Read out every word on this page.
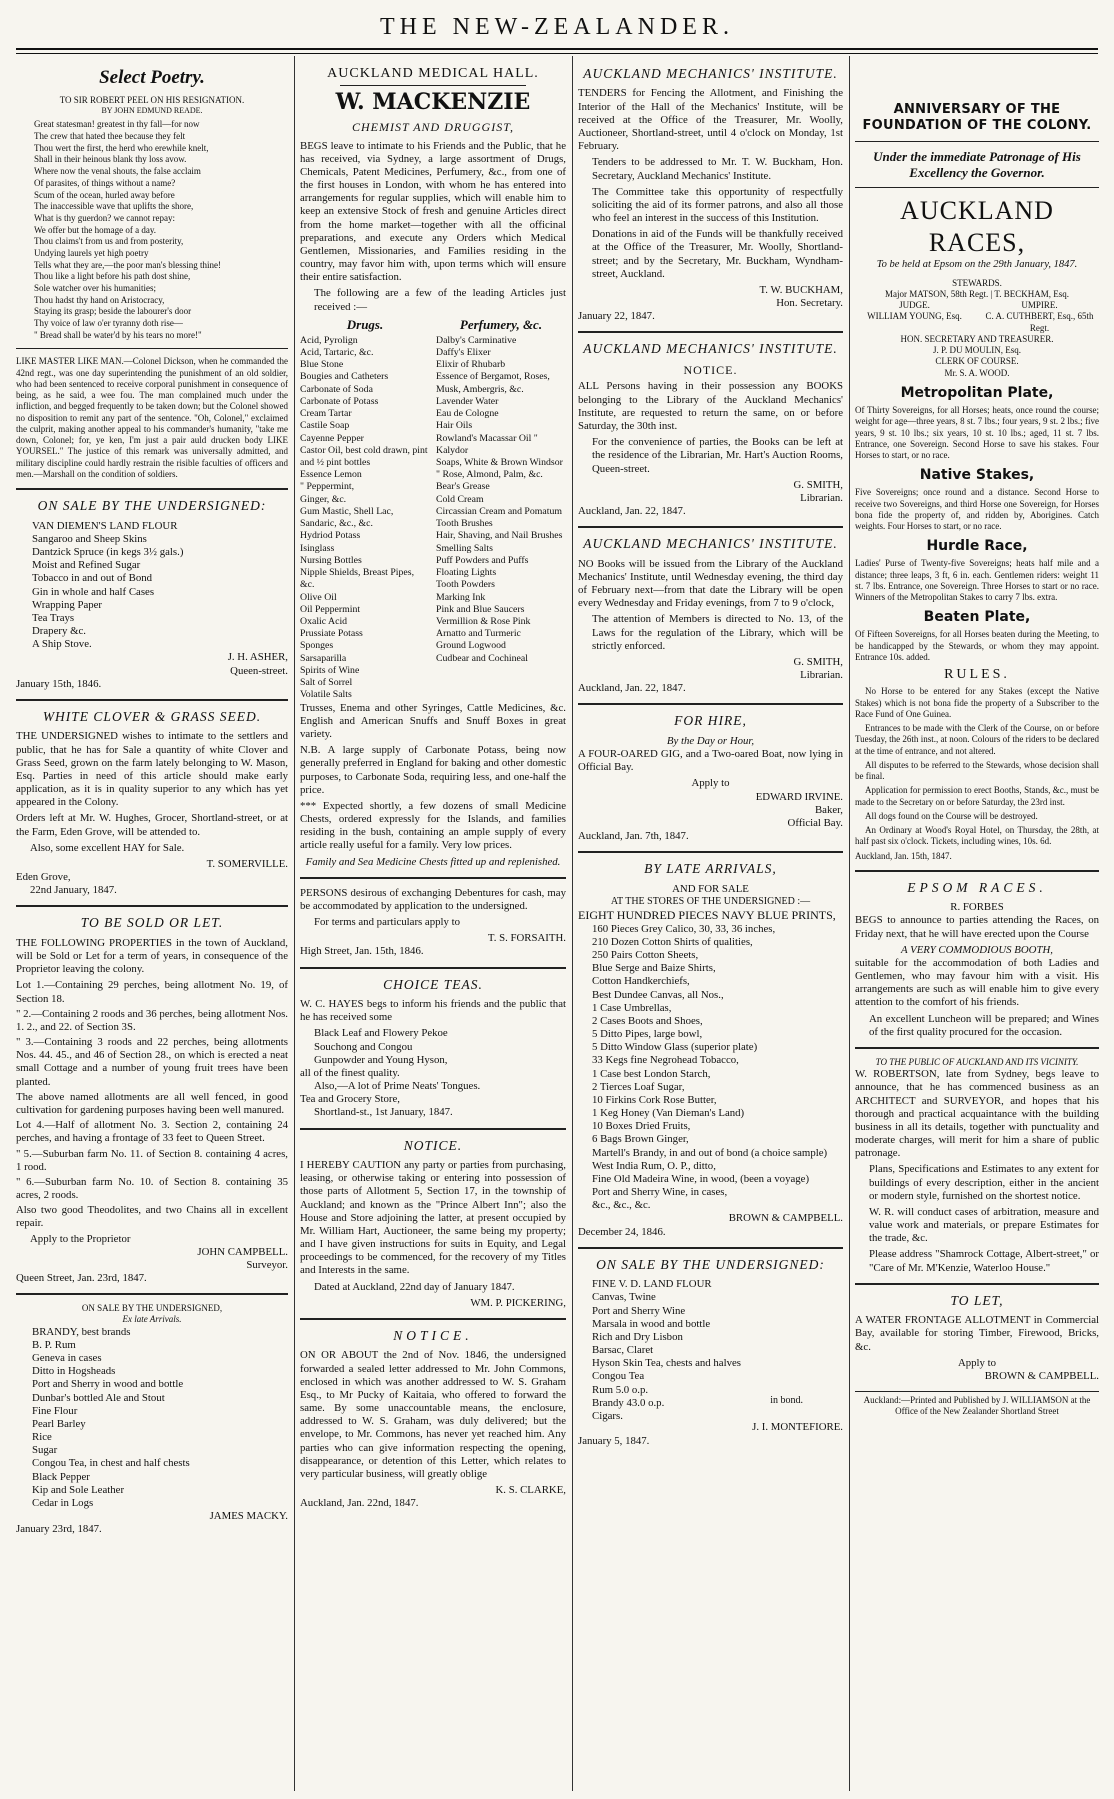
THE NEW-ZEALANDER.
Select Poetry.
TO SIR ROBERT PEEL ON HIS RESIGNATION.
BY JOHN EDMUND READE.
Great statesman! greatest in thy fall—for now
The crew that hated thee because they felt
Thou wert the first, the herd who erewhile knelt,
Shall in their heinous blank thy loss avow.
Where now the venal shouts, the false acclaim
Of parasites, of things without a name?
Scum of the ocean, hurled away before
The inaccessible wave that uplifts the shore,
What is thy guerdon? we cannot repay:
We offer but the homage of a day.
Thou claims't from us and from posterity,
Undying laurels yet high poetry
Tells what they are,—the poor man's blessing thine!
Thou like a light before his path dost shine,
Sole watcher over his humanities;
Thou hadst thy hand on Aristocracy,
Staying its grasp; beside the labourer's door
Thy voice of law o'er tyranny doth rise—
" Bread shall be water'd by his tears no more!"

LIKE MASTER LIKE MAN.—Colonel Dickson, when he commanded the 42nd regt., was one day superintending the punishment of an old soldier, who had been sentenced to receive corporal punishment in consequence of being, as he said, a wee fou. The man complained much under the infliction, and begged frequently to be taken down; but the Colonel showed no disposition to remit any part of the sentence. "Oh, Colonel," exclaimed the culprit, making another appeal to his commander's humanity, "take me down, Colonel; for, ye ken, I'm just a pair auld drucken body LIKE YOURSEL." The justice of this remark was universally admitted, and military discipline could hardly restrain the risible faculties of officers and men.—Marshall on the condition of soldiers.

ON SALE BY THE UNDERSIGNED:
VAN DIEMEN'S LAND FLOUR
Sangaroo and Sheep Skins
Dantzick Spruce (in kegs 3½ gals.)
Moist and Refined Sugar
Tobacco in and out of Bond
Gin in whole and half Cases
Wrapping Paper
Tea Trays
Drapery &c.
A Ship Stove.
J. H. ASHER,
Queen-street.
January 15th, 1846.
WHITE CLOVER & GRASS SEED.

THE UNDERSIGNED wishes to intimate to the settlers and public, that he has for Sale a quantity of white Clover and Grass Seed, grown on the farm lately belonging to W. Mason, Esq. Parties in need of this article should make early application, as it is in quality superior to any which has yet appeared in the Colony.

Orders left at Mr. W. Hughes, Grocer, Shortland-street, or at the Farm, Eden Grove, will be attended to.

Also, some excellent HAY for Sale.

T. SOMERVILLE.
Eden Grove,
22nd January, 1847.
TO BE SOLD OR LET.

THE FOLLOWING PROPERTIES in the town of Auckland, will be Sold or Let for a term of years, in consequence of the Proprietor leaving the colony.

Lot 1.—Containing 29 perches, being allotment No. 19, of Section 18.
" 2.—Containing 2 roods and 36 perches, being allotment Nos. 1. 2., and 22. of Section 3S.
" 3.—Containing 3 roods and 22 perches, being allotments Nos. 44. 45., and 46 of Section 28., on which is erected a neat small Cottage and a number of young fruit trees have been planted.
The above named allotments are all well fenced, in good cultivation for gardening purposes having been well manured.
Lot 4.—Half of allotment No. 3. Section 2, containing 24 perches, and having a frontage of 33 feet to Queen Street.
" 5.—Suburban farm No. 11. of Section 8. containing 4 acres, 1 rood.
" 6.—Suburban farm No. 10. of Section 8. containing 35 acres, 2 roods.
Also two good Theodolites, and two Chains all in excellent repair.
Apply to the Proprietor
JOHN CAMPBELL.
Surveyor.
Queen Street, Jan. 23rd, 1847.
ON SALE BY THE UNDERSIGNED,
Ex late Arrivals.
BRANDY, best brands
B. P. Rum
Geneva in cases
Ditto in Hogsheads
Port and Sherry in wood and bottle
Dunbar's bottled Ale and Stout
Fine Flour
Pearl Barley
Rice
Sugar
Congou Tea, in chest and half chests
Black Pepper
Kip and Sole Leather
Cedar in Logs
JAMES MACKY.
January 23rd, 1847.
AUCKLAND MEDICAL HALL.
W. MACKENZIE
CHEMIST AND DRUGGIST,

BEGS leave to intimate to his Friends and the Public, that he has received, via Sydney, a large assortment of Drugs, Chemicals, Patent Medicines, Perfumery, &c., from one of the first houses in London, with whom he has entered into arrangements for regular supplies, which will enable him to keep an extensive Stock of fresh and genuine Articles direct from the home market—together with all the officinal preparations, and execute any Orders which Medical Gentlemen, Missionaries, and Families residing in the country, may favor him with, upon terms which will ensure their entire satisfaction.

The following are a few of the leading Articles just received :—

Drugs.
Acid, Pyrolign
Acid, Tartaric, &c.
Blue Stone
Bougies and Catheters
Carbonate of Soda
Carbonate of Potass
Cream Tartar
Castile Soap
Cayenne Pepper
Castor Oil, best cold drawn, pint and ½ pint bottles
Essence Lemon
" Peppermint,
Ginger, &c.
Gum Mastic, Shell Lac, Sandaric, &c., &c.
Hydriod Potass
Isinglass
Nursing Bottles
Nipple Shields, Breast Pipes, &c.
Olive Oil
Oil Peppermint
Oxalic Acid
Prussiate Potass
Sponges
Sarsaparilla
Spirits of Wine
Salt of Sorrel
Volatile Salts
Perfumery, &c.
Dalby's Carminative
Daffy's Elixer
Elixir of Rhubarb
Essence of Bergamot, Roses, Musk, Ambergris, &c.
Lavender Water
Eau de Cologne
Hair Oils
Rowland's Macassar Oil " Kalydor
Soaps, White & Brown Windsor
" Rose, Almond, Palm, &c.
Bear's Grease
Cold Cream
Circassian Cream and Pomatum
Tooth Brushes
Hair, Shaving, and Nail Brushes
Smelling Salts
Puff Powders and Puffs
Floating Lights
Tooth Powders
Marking Ink
Pink and Blue Saucers
Vermillion & Rose Pink
Arnatto and Turmeric
Ground Logwood
Cudbear and Cochineal

Trusses, Enema and other Syringes, Cattle Medicines, &c. English and American Snuffs and Snuff Boxes in great variety.

N.B. A large supply of Carbonate Potass, being now generally preferred in England for baking and other domestic purposes, to Carbonate Soda, requiring less, and one-half the price.

*** Expected shortly, a few dozens of small Medicine Chests, ordered expressly for the Islands, and families residing in the bush, containing an ample supply of every article really useful for a family. Very low prices.

Family and Sea Medicine Chests fitted up and replenished.

PERSONS desirous of exchanging Debentures for cash, may be accommodated by application to the undersigned.

For terms and particulars apply to

T. S. FORSAITH.
High Street, Jan. 15th, 1846.
CHOICE TEAS.

W. C. HAYES begs to inform his friends and the public that he has received some

Black Leaf and Flowery Pekoe
Souchong and Congou
Gunpowder and Young Hyson,
all of the finest quality.
Also,—A lot of Prime Neats' Tongues.
Tea and Grocery Store,
Shortland-st., 1st January, 1847.
NOTICE.

I HEREBY CAUTION any party or parties from purchasing, leasing, or otherwise taking or entering into possession of those parts of Allotment 5, Section 17, in the township of Auckland; and known as the "Prince Albert Inn"; also the House and Store adjoining the latter, at present occupied by Mr. William Hart, Auctioneer, the same being my property; and I have given instructions for suits in Equity, and Legal proceedings to be commenced, for the recovery of my Titles and Interests in the same.

Dated at Auckland, 22nd day of January 1847.

WM. P. PICKERING,
NOTICE.

ON OR ABOUT the 2nd of Nov. 1846, the undersigned forwarded a sealed letter addressed to Mr. John Commons, enclosed in which was another addressed to W. S. Graham Esq., to Mr Pucky of Kaitaia, who offered to forward the same. By some unaccountable means, the enclosure, addressed to W. S. Graham, was duly delivered; but the envelope, to Mr. Commons, has never yet reached him. Any parties who can give information respecting the opening, disappearance, or detention of this Letter, which relates to very particular business, will greatly oblige

K. S. CLARKE,
Auckland, Jan. 22nd, 1847.
AUCKLAND MECHANICS' INSTITUTE.

TENDERS for Fencing the Allotment, and Finishing the Interior of the Hall of the Mechanics' Institute, will be received at the Office of the Treasurer, Mr. Woolly, Auctioneer, Shortland-street, until 4 o'clock on Monday, 1st February.

Tenders to be addressed to Mr. T. W. Buckham, Hon. Secretary, Auckland Mechanics' Institute.

The Committee take this opportunity of respectfully soliciting the aid of its former patrons, and also all those who feel an interest in the success of this Institution.

Donations in aid of the Funds will be thankfully received at the Office of the Treasurer, Mr. Woolly, Shortland-street; and by the Secretary, Mr. Buckham, Wyndham-street, Auckland.

T. W. BUCKHAM,
Hon. Secretary.
January 22, 1847.
AUCKLAND MECHANICS' INSTITUTE.
NOTICE.

ALL Persons having in their possession any BOOKS belonging to the Library of the Auckland Mechanics' Institute, are requested to return the same, on or before Saturday, the 30th inst.

For the convenience of parties, the Books can be left at the residence of the Librarian, Mr. Hart's Auction Rooms, Queen-street.

G. SMITH,
Librarian.
Auckland, Jan. 22, 1847.
AUCKLAND MECHANICS' INSTITUTE.

NO Books will be issued from the Library of the Auckland Mechanics' Institute, until Wednesday evening, the third day of February next—from that date the Library will be open every Wednesday and Friday evenings, from 7 to 9 o'clock,

The attention of Members is directed to No. 13, of the Laws for the regulation of the Library, which will be strictly enforced.

G. SMITH,
Librarian.
Auckland, Jan. 22, 1847.
FOR HIRE,
By the Day or Hour,

A FOUR-OARED GIG, and a Two-oared Boat, now lying in Official Bay.

Apply to
EDWARD IRVINE.
Baker,
Official Bay.
Auckland, Jan. 7th, 1847.
BY LATE ARRIVALS,
AND FOR SALE
AT THE STORES OF THE UNDERSIGNED :—
EIGHT HUNDRED PIECES NAVY BLUE PRINTS,
160 Pieces Grey Calico, 30, 33, 36 inches,
210 Dozen Cotton Shirts of qualities,
250 Pairs Cotton Sheets,
Blue Serge and Baize Shirts,
Cotton Handkerchiefs,
Best Dundee Canvas, all Nos.,
1 Case Umbrellas,
2 Cases Boots and Shoes,
5 Ditto Pipes, large bowl,
5 Ditto Window Glass (superior plate)
33 Kegs fine Negrohead Tobacco,
1 Case best London Starch,
2 Tierces Loaf Sugar,
10 Firkins Cork Rose Butter,
1 Keg Honey (Van Dieman's Land)
10 Boxes Dried Fruits,
6 Bags Brown Ginger,
Martell's Brandy, in and out of bond (a choice sample)
West India Rum, O. P., ditto,
Fine Old Madeira Wine, in wood, (been a voyage)
Port and Sherry Wine, in cases,
&c., &c., &c.
BROWN & CAMPBELL.
December 24, 1846.
ON SALE BY THE UNDERSIGNED:
FINE V. D. LAND FLOUR
Canvas, Twine
Port and Sherry Wine
Marsala in wood and bottle
Rich and Dry Lisbon
Barsac, Claret
Hyson Skin Tea, chests and halves
Congou Tea
Rum 5.0 o.p.
Brandy 43.0 o.p.
Cigars.
in bond.
J. I. MONTEFIORE.
January 5, 1847.
ANNIVERSARY OF THE FOUNDATION OF THE COLONY.
Under the immediate Patronage of His Excellency the Governor.
AUCKLAND RACES,
To be held at Epsom on the 29th January, 1847.
STEWARDS.
Major MATSON, 58th Regt. | T. BECKHAM, Esq.
JUDGE.
WILLIAM YOUNG, Esq.
UMPIRE.
C. A. CUTHBERT, Esq., 65th Regt.
HON. SECRETARY AND TREASURER.
J. P. DU MOULIN, Esq.
CLERK OF COURSE.
Mr. S. A. WOOD.
Metropolitan Plate,

Of Thirty Sovereigns, for all Horses; heats, once round the course; weight for age—three years, 8 st. 7 lbs.; four years, 9 st. 2 lbs.; five years, 9 st. 10 lbs.; six years, 10 st. 10 lbs.; aged, 11 st. 7 lbs. Entrance, one Sovereign. Second Horse to save his stakes. Four Horses to start, or no race.

Native Stakes,

Five Sovereigns; once round and a distance. Second Horse to receive two Sovereigns, and third Horse one Sovereign, for Horses bona fide the property of, and ridden by, Aborigines. Catch weights. Four Horses to start, or no race.

Hurdle Race,

Ladies' Purse of Twenty-five Sovereigns; heats half mile and a distance; three leaps, 3 ft, 6 in. each. Gentlemen riders: weight 11 st. 7 lbs. Entrance, one Sovereign. Three Horses to start or no race. Winners of the Metropolitan Stakes to carry 7 lbs. extra.

Beaten Plate,

Of Fifteen Sovereigns, for all Horses beaten during the Meeting, to be handicapped by the Stewards, or whom they may appoint. Entrance 10s. added.

RULES.
No Horse to be entered for any Stakes (except the Native Stakes) which is not bona fide the property of a Subscriber to the Race Fund of One Guinea.
Entrances to be made with the Clerk of the Course, on or before Tuesday, the 26th inst., at noon. Colours of the riders to be declared at the time of entrance, and not altered.
All disputes to be referred to the Stewards, whose decision shall be final.
Application for permission to erect Booths, Stands, &c., must be made to the Secretary on or before Saturday, the 23rd inst.
All dogs found on the Course will be destroyed.
An Ordinary at Wood's Royal Hotel, on Thursday, the 28th, at half past six o'clock. Tickets, including wines, 10s. 6d.
Auckland, Jan. 15th, 1847.
EPSOM RACES.
R. FORBES

BEGS to announce to parties attending the Races, on Friday next, that he will have erected upon the Course

A VERY COMMODIOUS BOOTH,

suitable for the accommodation of both Ladies and Gentlemen, who may favour him with a visit. His arrangements are such as will enable him to give every attention to the comfort of his friends.

An excellent Luncheon will be prepared; and Wines of the first quality procured for the occasion.

TO THE PUBLIC OF AUCKLAND AND ITS VICINITY.

W. ROBERTSON, late from Sydney, begs leave to announce, that he has commenced business as an ARCHITECT and SURVEYOR, and hopes that his thorough and practical acquaintance with the building business in all its details, together with punctuality and moderate charges, will merit for him a share of public patronage.

Plans, Specifications and Estimates to any extent for buildings of every description, either in the ancient or modern style, furnished on the shortest notice.

W. R. will conduct cases of arbitration, measure and value work and materials, or prepare Estimates for the trade, &c.

Please address "Shamrock Cottage, Albert-street," or "Care of Mr. M'Kenzie, Waterloo House."

TO LET,

A WATER FRONTAGE ALLOTMENT in Commercial Bay, available for storing Timber, Firewood, Bricks, &c.

Apply to
BROWN & CAMPBELL.
Auckland:—Printed and Published by J. WILLIAMSON at the Office of the New Zealander Shortland Street
